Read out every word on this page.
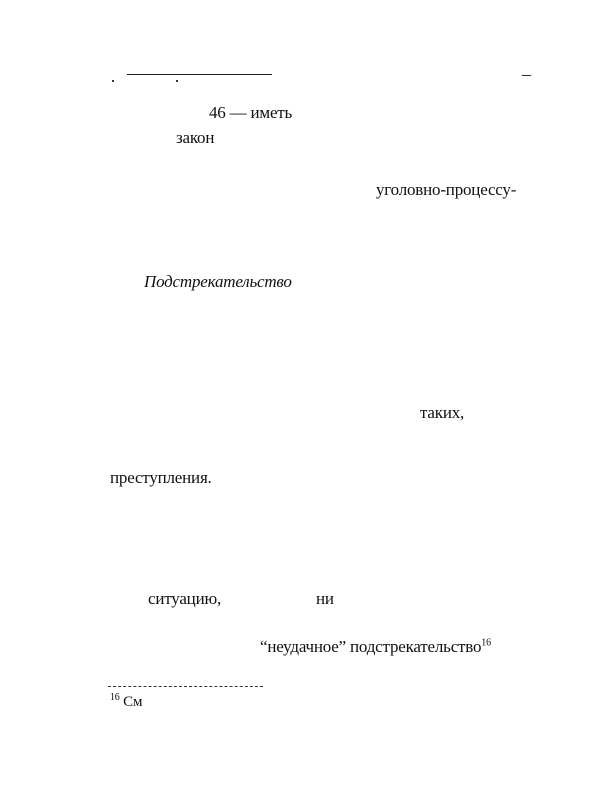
–
46 — иметь
закон
уголовно-процессу-
Подстрекательство
таких,
преступления.
ситуацию,	ни
“неудачное” подстрекательство$^{16}$
$^{16}$ См
